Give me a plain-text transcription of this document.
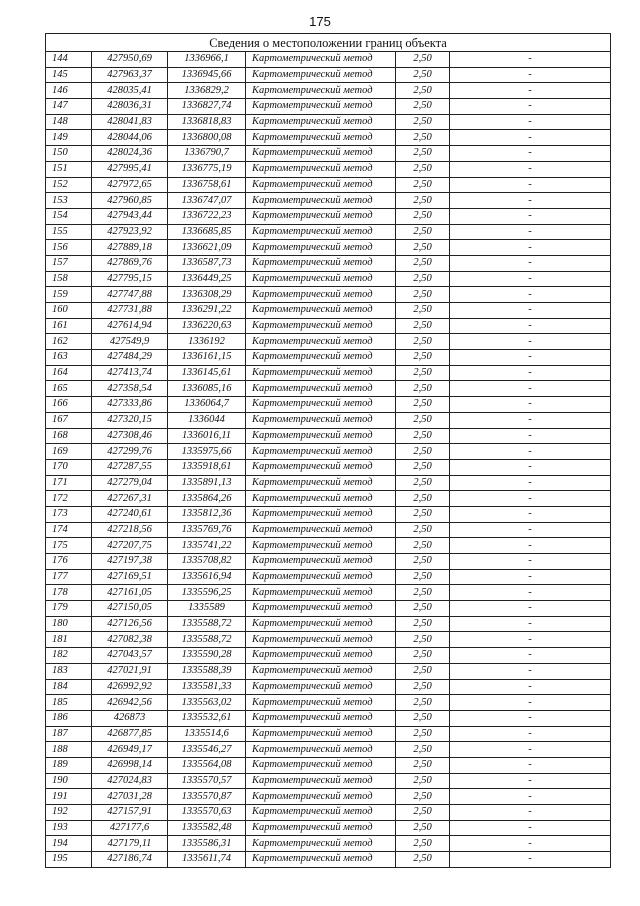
175
Сведения о местоположении границ объекта					
144	427950,69	1336966,1	Картометрический метод	2,50	-
145	427963,37	1336945,66	Картометрический метод	2,50	-
146	428035,41	1336829,2	Картометрический метод	2,50	-
147	428036,31	1336827,74	Картометрический метод	2,50	-
148	428041,83	1336818,83	Картометрический метод	2,50	-
149	428044,06	1336800,08	Картометрический метод	2,50	-
150	428024,36	1336790,7	Картометрический метод	2,50	-
151	427995,41	1336775,19	Картометрический метод	2,50	-
152	427972,65	1336758,61	Картометрический метод	2,50	-
153	427960,85	1336747,07	Картометрический метод	2,50	-
154	427943,44	1336722,23	Картометрический метод	2,50	-
155	427923,92	1336685,85	Картометрический метод	2,50	-
156	427889,18	1336621,09	Картометрический метод	2,50	-
157	427869,76	1336587,73	Картометрический метод	2,50	-
158	427795,15	1336449,25	Картометрический метод	2,50	-
159	427747,88	1336308,29	Картометрический метод	2,50	-
160	427731,88	1336291,22	Картометрический метод	2,50	-
161	427614,94	1336220,63	Картометрический метод	2,50	-
162	427549,9	1336192	Картометрический метод	2,50	-
163	427484,29	1336161,15	Картометрический метод	2,50	-
164	427413,74	1336145,61	Картометрический метод	2,50	-
165	427358,54	1336085,16	Картометрический метод	2,50	-
166	427333,86	1336064,7	Картометрический метод	2,50	-
167	427320,15	1336044	Картометрический метод	2,50	-
168	427308,46	1336016,11	Картометрический метод	2,50	-
169	427299,76	1335975,66	Картометрический метод	2,50	-
170	427287,55	1335918,61	Картометрический метод	2,50	-
171	427279,04	1335891,13	Картометрический метод	2,50	-
172	427267,31	1335864,26	Картометрический метод	2,50	-
173	427240,61	1335812,36	Картометрический метод	2,50	-
174	427218,56	1335769,76	Картометрический метод	2,50	-
175	427207,75	1335741,22	Картометрический метод	2,50	-
176	427197,38	1335708,82	Картометрический метод	2,50	-
177	427169,51	1335616,94	Картометрический метод	2,50	-
178	427161,05	1335596,25	Картометрический метод	2,50	-
179	427150,05	1335589	Картометрический метод	2,50	-
180	427126,56	1335588,72	Картометрический метод	2,50	-
181	427082,38	1335588,72	Картометрический метод	2,50	-
182	427043,57	1335590,28	Картометрический метод	2,50	-
183	427021,91	1335588,39	Картометрический метод	2,50	-
184	426992,92	1335581,33	Картометрический метод	2,50	-
185	426942,56	1335563,02	Картометрический метод	2,50	-
186	426873	1335532,61	Картометрический метод	2,50	-
187	426877,85	1335514,6	Картометрический метод	2,50	-
188	426949,17	1335546,27	Картометрический метод	2,50	-
189	426998,14	1335564,08	Картометрический метод	2,50	-
190	427024,83	1335570,57	Картометрический метод	2,50	-
191	427031,28	1335570,87	Картометрический метод	2,50	-
192	427157,91	1335570,63	Картометрический метод	2,50	-
193	427177,6	1335582,48	Картометрический метод	2,50	-
194	427179,11	1335586,31	Картометрический метод	2,50	-
195	427186,74	1335611,74	Картометрический метод	2,50	-
